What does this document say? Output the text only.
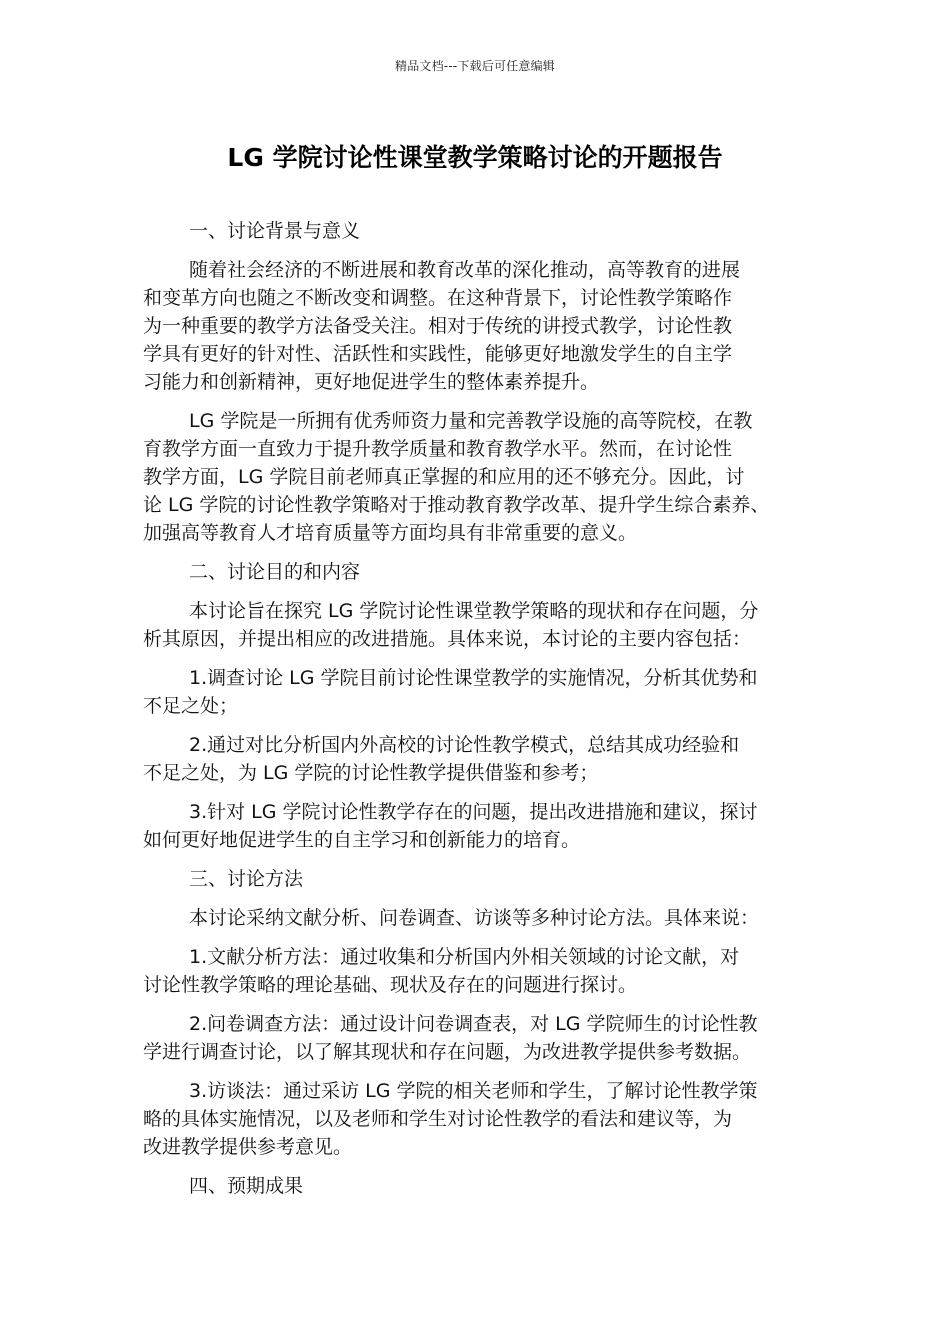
精品文档---下载后可任意编辑
LG 学院讨论性课堂教学策略讨论的开题报告
一、讨论背景与意义

随着社会经济的不断进展和教育改革的深化推动，高等教育的进展
和变革方向也随之不断改变和调整。在这种背景下，讨论性教学策略作
为一种重要的教学方法备受关注。相对于传统的讲授式教学，讨论性教
学具有更好的针对性、活跃性和实践性，能够更好地激发学生的自主学
习能力和创新精神，更好地促进学生的整体素养提升。

LG 学院是一所拥有优秀师资力量和完善教学设施的高等院校，在教
育教学方面一直致力于提升教学质量和教育教学水平。然而，在讨论性
教学方面，LG 学院目前老师真正掌握的和应用的还不够充分。因此，讨
论 LG 学院的讨论性教学策略对于推动教育教学改革、提升学生综合素养、
加强高等教育人才培育质量等方面均具有非常重要的意义。

二、讨论目的和内容

本讨论旨在探究 LG 学院讨论性课堂教学策略的现状和存在问题，分
析其原因，并提出相应的改进措施。具体来说，本讨论的主要内容包括：

1.调查讨论 LG 学院目前讨论性课堂教学的实施情况，分析其优势和
不足之处；

2.通过对比分析国内外高校的讨论性教学模式，总结其成功经验和
不足之处，为 LG 学院的讨论性教学提供借鉴和参考；

3.针对 LG 学院讨论性教学存在的问题，提出改进措施和建议，探讨
如何更好地促进学生的自主学习和创新能力的培育。

三、讨论方法

本讨论采纳文献分析、问卷调查、访谈等多种讨论方法。具体来说：

1.文献分析方法：通过收集和分析国内外相关领域的讨论文献，对
讨论性教学策略的理论基础、现状及存在的问题进行探讨。

2.问卷调查方法：通过设计问卷调查表，对 LG 学院师生的讨论性教
学进行调查讨论，以了解其现状和存在问题，为改进教学提供参考数据。

3.访谈法：通过采访 LG 学院的相关老师和学生，了解讨论性教学策
略的具体实施情况，以及老师和学生对讨论性教学的看法和建议等，为
改进教学提供参考意见。

四、预期成果
